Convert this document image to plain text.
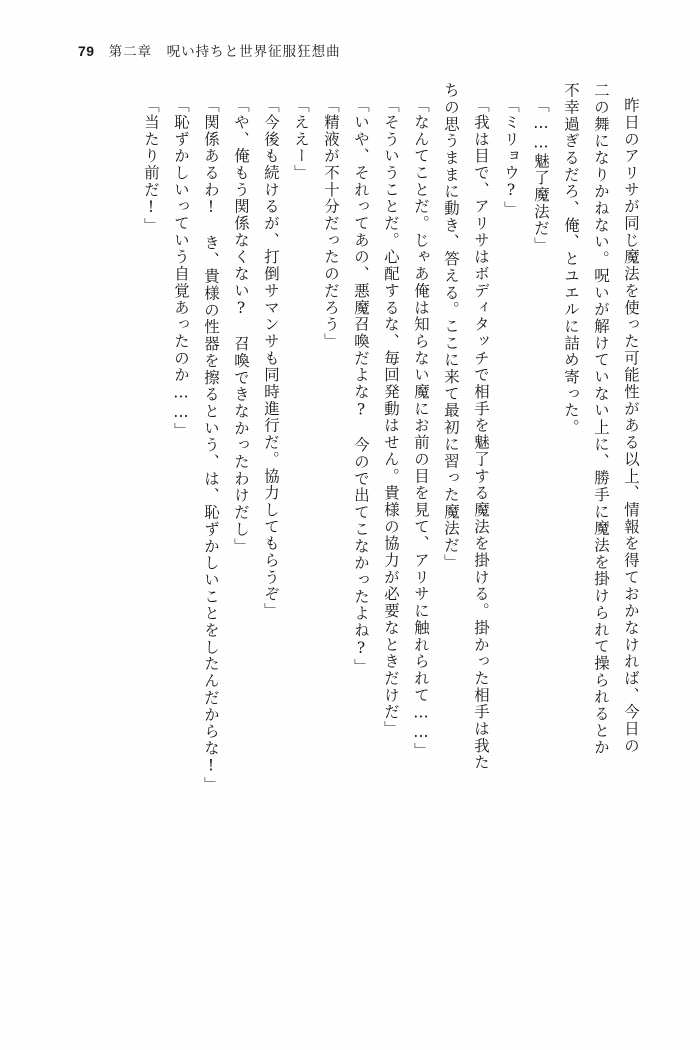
79 第二章　呪い持ちと世界征服狂想曲
昨日のアリサが同じ魔法を使った可能性がある以上、情報を得ておかなければ、今日の
二の舞になりかねない。呪いが解けていない上に、勝手に魔法を掛けられて操られるとか
不幸過ぎるだろ、俺、とユエルに詰め寄った。
「……魅了魔法だ」
「ミリョウ?」
「我は目で、アリサはボディタッチで相手を魅了する魔法を掛ける。掛かった相手は我た
ちの思うままに動き、答える。ここに来て最初に習った魔法だ」
「なんてことだ。じゃあ俺は知らない魔にお前の目を見て、アリサに触れられて……」
「そういうことだ。心配するな、毎回発動はせん。貴様の協力が必要なときだけだ」
「いや、それってあの、悪魔召喚だよな?　今ので出てこなかったよね?」
「精液が不十分だったのだろう」
「ええー」
「今後も続けるが、打倒サマンサも同時進行だ。協力してもらうぞ」
「や、俺もう関係なくない?　召喚できなかったわけだし」
「関係あるわ!　き、貴様の性器を擦るという、は、恥ずかしいことをしたんだからな!」
「恥ずかしいっていう自覚あったのか……」
「当たり前だ!」
